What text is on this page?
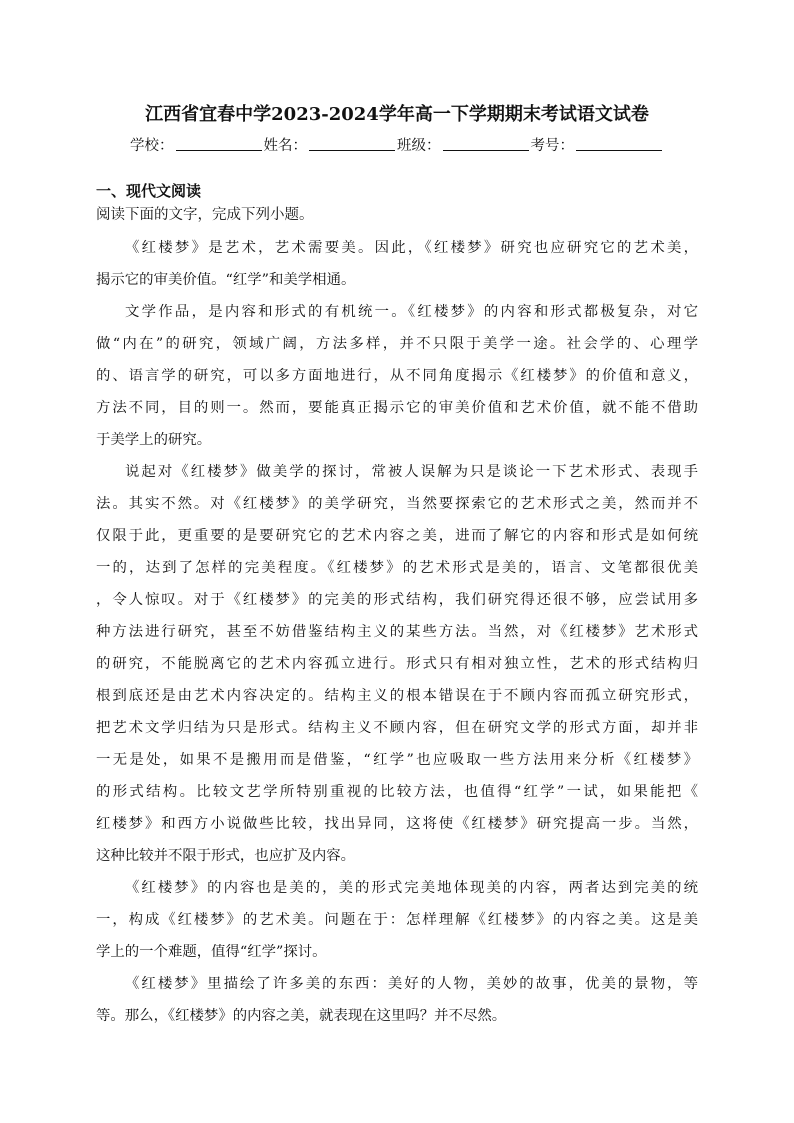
江西省宜春中学2023-2024学年高一下学期期末考试语文试卷
学校：	姓名：	班级：	考号：
一、现代文阅读
阅读下面的文字，完成下列小题。
《红楼梦》是艺术，艺术需要美。因此，《红楼梦》研究也应研究它的艺术美，
揭示它的审美价值。“红学”和美学相通。
文学作品，是内容和形式的有机统一。《红楼梦》的内容和形式都极复杂，对它
做“内在”的研究，领域广阔，方法多样，并不只限于美学一途。社会学的、心理学
的、语言学的研究，可以多方面地进行，从不同角度揭示《红楼梦》的价值和意义，
方法不同，目的则一。然而，要能真正揭示它的审美价值和艺术价值，就不能不借助
于美学上的研究。
说起对《红楼梦》做美学的探讨，常被人误解为只是谈论一下艺术形式、表现手
法。其实不然。对《红楼梦》的美学研究，当然要探索它的艺术形式之美，然而并不
仅限于此，更重要的是要研究它的艺术内容之美，进而了解它的内容和形式是如何统
一的，达到了怎样的完美程度。《红楼梦》的艺术形式是美的，语言、文笔都很优美
，令人惊叹。对于《红楼梦》的完美的形式结构，我们研究得还很不够，应尝试用多
种方法进行研究，甚至不妨借鉴结构主义的某些方法。当然，对《红楼梦》艺术形式
的研究，不能脱离它的艺术内容孤立进行。形式只有相对独立性，艺术的形式结构归
根到底还是由艺术内容决定的。结构主义的根本错误在于不顾内容而孤立研究形式，
把艺术文学归结为只是形式。结构主义不顾内容，但在研究文学的形式方面，却并非
一无是处，如果不是搬用而是借鉴，“红学”也应吸取一些方法用来分析《红楼梦》
的形式结构。比较文艺学所特别重视的比较方法，也值得“红学”一试，如果能把《
红楼梦》和西方小说做些比较，找出异同，这将使《红楼梦》研究提高一步。当然，
这种比较并不限于形式，也应扩及内容。
《红楼梦》的内容也是美的，美的形式完美地体现美的内容，两者达到完美的统
一，构成《红楼梦》的艺术美。问题在于：怎样理解《红楼梦》的内容之美。这是美
学上的一个难题，值得“红学”探讨。
《红楼梦》里描绘了许多美的东西：美好的人物，美妙的故事，优美的景物，等
等。那么，《红楼梦》的内容之美，就表现在这里吗？并不尽然。
